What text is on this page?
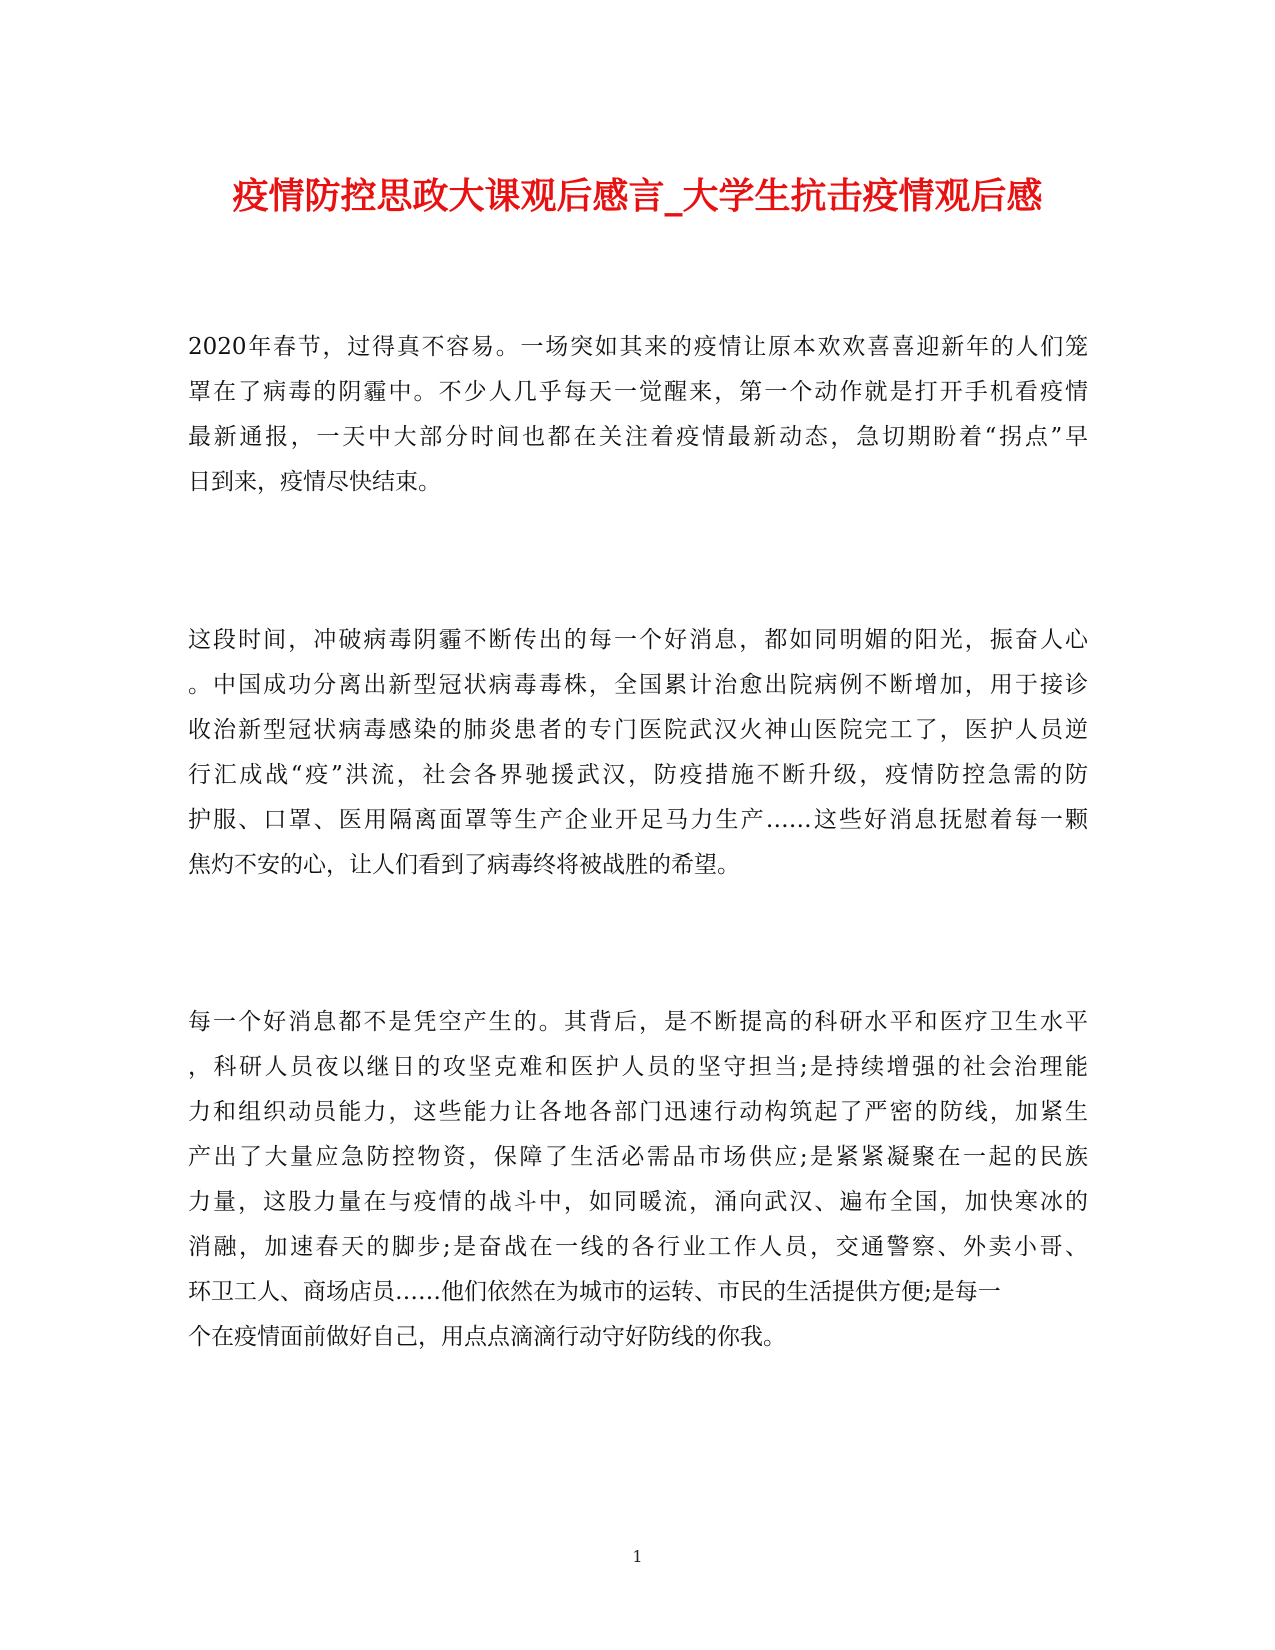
疫情防控思政大课观后感言_大学生抗击疫情观后感
2020年春节，过得真不容易。一场突如其来的疫情让原本欢欢喜喜迎新年的人们笼
罩在了病毒的阴霾中。不少人几乎每天一觉醒来，第一个动作就是打开手机看疫情
最新通报，一天中大部分时间也都在关注着疫情最新动态，急切期盼着“拐点”早
日到来，疫情尽快结束。
这段时间，冲破病毒阴霾不断传出的每一个好消息，都如同明媚的阳光，振奋人心
。中国成功分离出新型冠状病毒毒株，全国累计治愈出院病例不断增加，用于接诊
收治新型冠状病毒感染的肺炎患者的专门医院武汉火神山医院完工了，医护人员逆
行汇成战“疫”洪流，社会各界驰援武汉，防疫措施不断升级，疫情防控急需的防
护服、口罩、医用隔离面罩等生产企业开足马力生产……这些好消息抚慰着每一颗
焦灼不安的心，让人们看到了病毒终将被战胜的希望。
每一个好消息都不是凭空产生的。其背后，是不断提高的科研水平和医疗卫生水平
，科研人员夜以继日的攻坚克难和医护人员的坚守担当;是持续增强的社会治理能
力和组织动员能力，这些能力让各地各部门迅速行动构筑起了严密的防线，加紧生
产出了大量应急防控物资，保障了生活必需品市场供应;是紧紧凝聚在一起的民族
力量，这股力量在与疫情的战斗中，如同暖流，涌向武汉、遍布全国，加快寒冰的
消融，加速春天的脚步;是奋战在一线的各行业工作人员，交通警察、外卖小哥、
环卫工人、商场店员……他们依然在为城市的运转、市民的生活提供方便;是每一
个在疫情面前做好自己，用点点滴滴行动守好防线的你我。
1
